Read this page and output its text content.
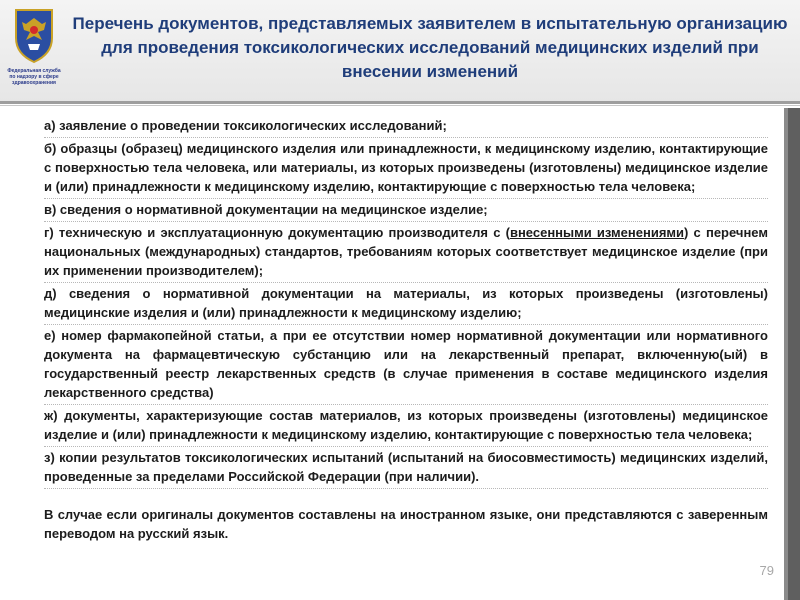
Федеральная служба по надзору в сфере здравоохранения
Перечень документов, представляемых заявителем в испытательную организацию для проведения токсикологических исследований медицинских изделий при внесении изменений
а) заявление о проведении токсикологических исследований;
б) образцы (образец) медицинского изделия или принадлежности, к медицинскому изделию, контактирующие с поверхностью тела человека, или материалы, из которых произведены (изготовлены) медицинское изделие и (или) принадлежности к медицинскому изделию, контактирующие с поверхностью тела человека;
в) сведения о нормативной документации на медицинское изделие;
г) техническую и эксплуатационную документацию производителя с (внесенными изменениями) с перечнем национальных (международных) стандартов, требованиям которых соответствует медицинское изделие (при их применении производителем);
д) сведения о нормативной документации на материалы, из которых произведены (изготовлены) медицинские изделия и (или) принадлежности к медицинскому изделию;
е) номер фармакопейной статьи, а при ее отсутствии номер нормативной документации или нормативного документа на фармацевтическую субстанцию или на лекарственный препарат, включенную(ый) в государственный реестр лекарственных средств (в случае применения в составе медицинского изделия лекарственного средства)
ж) документы, характеризующие состав материалов, из которых произведены (изготовлены) медицинское изделие и (или) принадлежности к медицинскому изделию, контактирующие с поверхностью тела человека;
з) копии результатов токсикологических испытаний (испытаний на биосовместимость) медицинских изделий, проведенные за пределами Российской Федерации (при наличии).
В случае если оригиналы документов составлены на иностранном языке, они представляются с заверенным переводом на русский язык.
79
